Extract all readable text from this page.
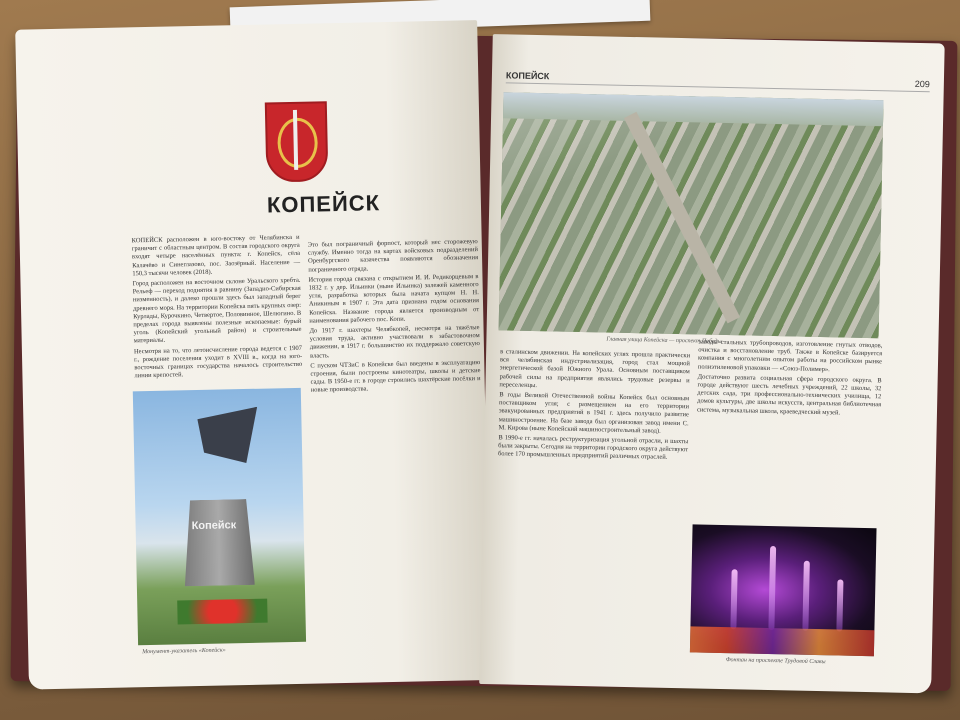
КОПЕЙСК

КОПЕЙСК расположен в юго-востоку от Челябинска и граничит с областным центром. В состав городского округа входят четыре населённых пункта: г. Копейск, сёла Калачёво и Синеглазово, пос. Заозёрный. Население — 150,3 тысячи человек (2018).

Город расположен на восточном склоне Уральского хребта. Рельеф — переход поднятия в равнину (Западно-Сибирская низменность), и далеко прошли здесь был западный берег древнего моря. На территории Копейска пять крупных озер: Курлады, Курочкино, Четвертое, Половинное, Шелюгино. В пределах города выявлены полезные ископаемые: бурый уголь (Копейский угольный район) и строительные материалы.

Несмотря на то, что летоисчисление города ведется с 1907 г., рождение поселения уходит в XVIII в., когда на юго-восточных границах государства началось строительство линии крепостей.

Копейск
Монумент-указатель «Копейск»

Это был пограничный форпост, который нес сторожевую службу. Именно тогда на картах войсковых подразделений Оренбургского казачества появляются обозначения пограничного отряда.

История города связана с открытием И. И. Редикорцевым в 1832 г. у дер. Ильинки (ныне Ильинка) залежей каменного угля, разработка которых была начата купцом Н. Н. Аникиным в 1907 г. Эта дата признана годом основания Копейска. Название города является производным от наименования рабочего пос. Копи.

До 1917 г. шахтеры Челябкопей, несмотря на тяжёлые условия труда, активно участвовали в забастовочном движении, в 1917 г. большинство их поддержало советскую власть.

С пуском ЧТЗиС в Копейске был введены в эксплуатацию строения, были построены кинотеатры, школы и детские сады. В 1950-е гг. в городе строились шахтёрские посёлки и новые производства.

КОПЕЙСК
209
Главная улица Копейска — проспект Победы

в сталинском движении. На копейских углях прошла практически вся челябинская индустриализация, город стал мощной энергетической базой Южного Урала. Основным поставщиком рабочей силы на предприятия являлись трудовые резервы и переселенцы.

В годы Великой Отечественной войны Копейск был основным поставщиком угля; с размещением на его территории эвакуированных предприятий в 1941 г. здесь получило развитие машиностроение. На базе завода был организован завод имени С. М. Кирова (ныне Копейский машиностроительный завод).

В 1990-е гг. началась реструктуризация угольной отрасли, и шахты были закрыты. Сегодня на территории городского округа действуют более 170 промышленных предприятий различных отраслей.

заводы стальных трубопроводов, изготовление гнутых отводов, очистка и восстановление труб. Также в Копейске базируется компания с многолетним опытом работы на российском рынке полиэтиленовой упаковки — «Союз-Полимер».

Достаточно развита социальная сфера городского округа. В городе действуют шесть лечебных учреждений, 22 школы, 32 детских сада, три профессионально-технических училища, 12 домов культуры, две школы искусств, центральная библиотечная система, музыкальная школа, краеведческий музей.

Фонтан на проспекте Трудовой Славы
